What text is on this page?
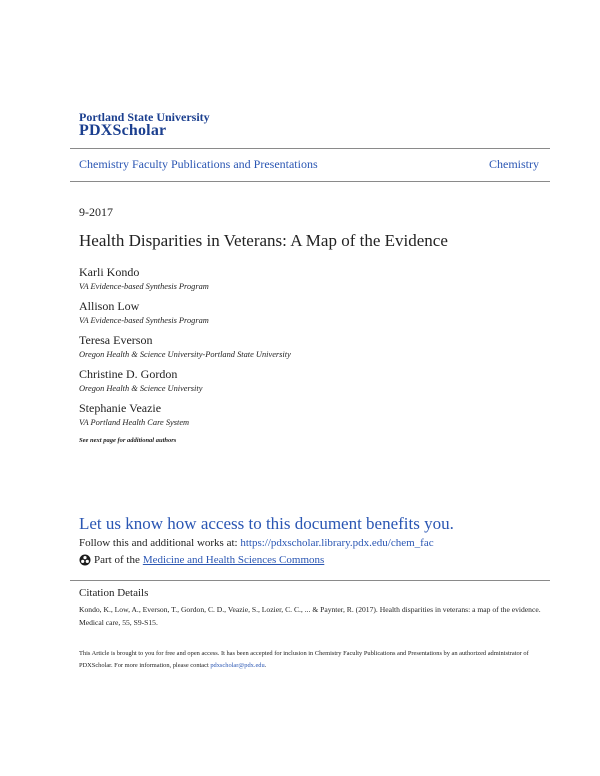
Portland State University
PDXScholar
Chemistry Faculty Publications and Presentations	Chemistry
9-2017
Health Disparities in Veterans: A Map of the Evidence
Karli Kondo
VA Evidence-based Synthesis Program
Allison Low
VA Evidence-based Synthesis Program
Teresa Everson
Oregon Health & Science University-Portland State University
Christine D. Gordon
Oregon Health & Science University
Stephanie Veazie
VA Portland Health Care System
See next page for additional authors
Let us know how access to this document benefits you.
Follow this and additional works at: https://pdxscholar.library.pdx.edu/chem_fac
Part of the Medicine and Health Sciences Commons
Citation Details
Kondo, K., Low, A., Everson, T., Gordon, C. D., Veazie, S., Lozier, C. C., ... & Paynter, R. (2017). Health disparities in veterans: a map of the evidence. Medical care, 55, S9-S15.
This Article is brought to you for free and open access. It has been accepted for inclusion in Chemistry Faculty Publications and Presentations by an authorized administrator of PDXScholar. For more information, please contact pdxscholar@pdx.edu.
